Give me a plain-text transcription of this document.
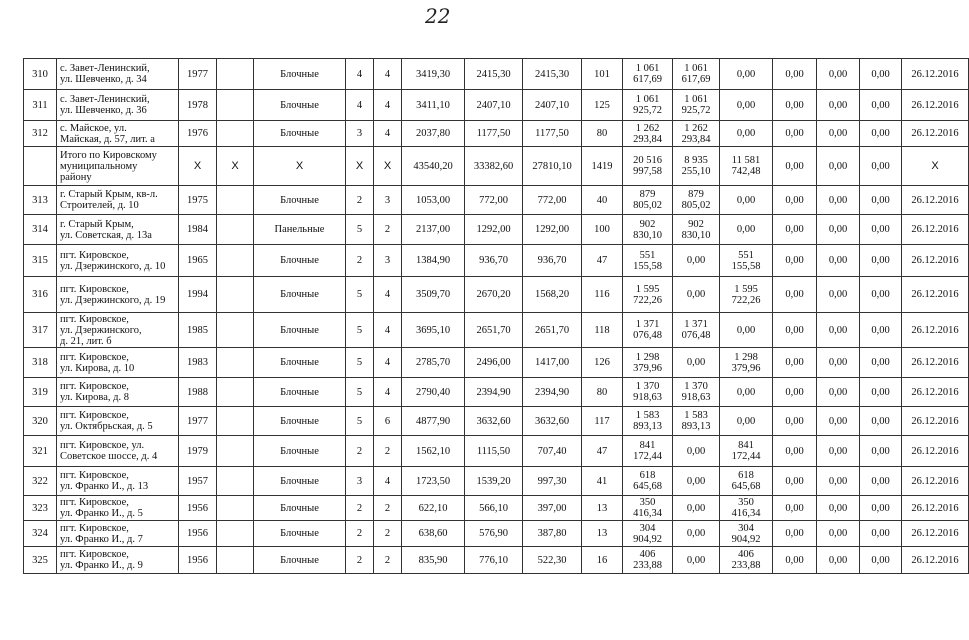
22
310	с. Завет-Ленинский,
ул. Шевченко, д. 34	1977		Блочные	4	4	3419,30	2415,30	2415,30	101	1 061
617,69	1 061
617,69	0,00	0,00	0,00	0,00	26.12.2016
311	с. Завет-Ленинский,
ул. Шевченко, д. 36	1978		Блочные	4	4	3411,10	2407,10	2407,10	125	1 061
925,72	1 061
925,72	0,00	0,00	0,00	0,00	26.12.2016
312	с. Майское, ул.
Майская, д. 57, лит. а	1976		Блочные	3	4	2037,80	1177,50	1177,50	80	1 262
293,84	1 262
293,84	0,00	0,00	0,00	0,00	26.12.2016
	Итого по Кировскому
муниципальному
району	X	X	X	X	X	43540,20	33382,60	27810,10	1419	20 516
997,58	8 935
255,10	11 581
742,48	0,00	0,00	0,00	X
313	г. Старый Крым, кв-л.
Строителей, д. 10	1975		Блочные	2	3	1053,00	772,00	772,00	40	879
805,02	879
805,02	0,00	0,00	0,00	0,00	26.12.2016
314	г. Старый Крым,
ул. Советская, д. 13а	1984		Панельные	5	2	2137,00	1292,00	1292,00	100	902
830,10	902
830,10	0,00	0,00	0,00	0,00	26.12.2016
315	пгт. Кировское,
ул. Дзержинского, д. 10	1965		Блочные	2	3	1384,90	936,70	936,70	47	551
155,58	0,00	551
155,58	0,00	0,00	0,00	26.12.2016
316	пгт. Кировское,
ул. Дзержинского, д. 19	1994		Блочные	5	4	3509,70	2670,20	1568,20	116	1 595
722,26	0,00	1 595
722,26	0,00	0,00	0,00	26.12.2016
317	пгт. Кировское,
ул. Дзержинского,
д. 21, лит. б	1985		Блочные	5	4	3695,10	2651,70	2651,70	118	1 371
076,48	1 371
076,48	0,00	0,00	0,00	0,00	26.12.2016
318	пгт. Кировское,
ул. Кирова, д. 10	1983		Блочные	5	4	2785,70	2496,00	1417,00	126	1 298
379,96	0,00	1 298
379,96	0,00	0,00	0,00	26.12.2016
319	пгт. Кировское,
ул. Кирова, д. 8	1988		Блочные	5	4	2790,40	2394,90	2394,90	80	1 370
918,63	1 370
918,63	0,00	0,00	0,00	0,00	26.12.2016
320	пгт. Кировское,
ул. Октябрьская, д. 5	1977		Блочные	5	6	4877,90	3632,60	3632,60	117	1 583
893,13	1 583
893,13	0,00	0,00	0,00	0,00	26.12.2016
321	пгт. Кировское, ул.
Советское шоссе, д. 4	1979		Блочные	2	2	1562,10	1115,50	707,40	47	841
172,44	0,00	841
172,44	0,00	0,00	0,00	26.12.2016
322	пгт. Кировское,
ул. Франко И., д. 13	1957		Блочные	3	4	1723,50	1539,20	997,30	41	618
645,68	0,00	618
645,68	0,00	0,00	0,00	26.12.2016
323	пгт. Кировское,
ул. Франко И., д. 5	1956		Блочные	2	2	622,10	566,10	397,00	13	350
416,34	0,00	350
416,34	0,00	0,00	0,00	26.12.2016
324	пгт. Кировское,
ул. Франко И., д. 7	1956		Блочные	2	2	638,60	576,90	387,80	13	304
904,92	0,00	304
904,92	0,00	0,00	0,00	26.12.2016
325	пгт. Кировское,
ул. Франко И., д. 9	1956		Блочные	2	2	835,90	776,10	522,30	16	406
233,88	0,00	406
233,88	0,00	0,00	0,00	26.12.2016
